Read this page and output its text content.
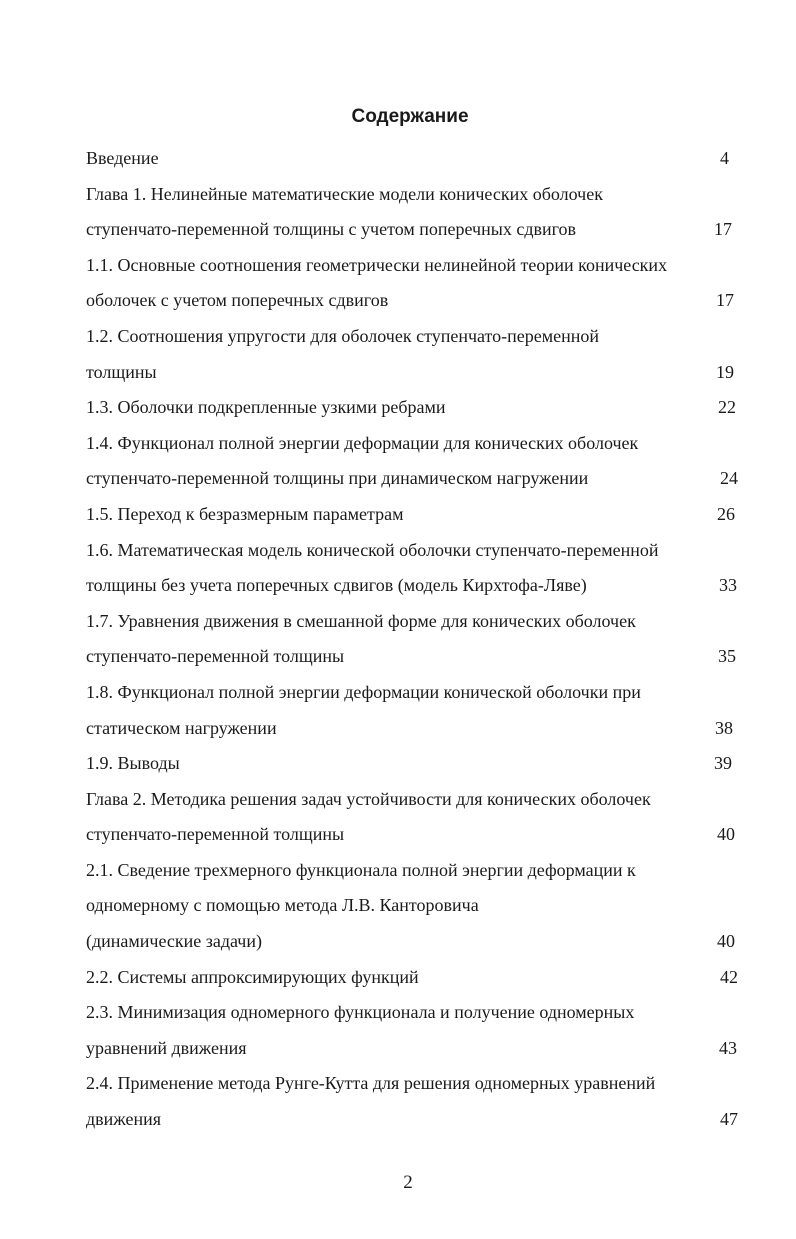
Содержание
Введение	4
Глава 1. Нелинейные математические модели конических оболочек
ступенчато-переменной толщины с учетом поперечных сдвигов	17
1.1. Основные соотношения геометрически нелинейной теории конических
оболочек с учетом поперечных сдвигов	17
1.2. Соотношения упругости для оболочек ступенчато-переменной
толщины	19
1.3. Оболочки подкрепленные узкими ребрами	22
1.4. Функционал полной энергии деформации для конических оболочек
ступенчато-переменной толщины при динамическом нагружении	24
1.5. Переход к безразмерным параметрам	26
1.6. Математическая модель конической оболочки ступенчато-переменной
толщины без учета поперечных сдвигов (модель Кирхтофа-Ляве)	33
1.7. Уравнения движения в смешанной форме для конических оболочек
ступенчато-переменной толщины	35
1.8. Функционал полной энергии деформации конической оболочки при
статическом нагружении	38
1.9. Выводы	39
Глава 2. Методика решения задач устойчивости для конических оболочек
ступенчато-переменной толщины	40
2.1. Сведение трехмерного функционала полной энергии деформации к
одномерному с помощью метода Л.В. Канторовича
(динамические задачи)	40
2.2. Системы аппроксимирующих функций	42
2.3. Минимизация одномерного функционала и получение одномерных
уравнений движения	43
2.4. Применение метода Рунге-Кутта для решения одномерных уравнений
движения	47
2
